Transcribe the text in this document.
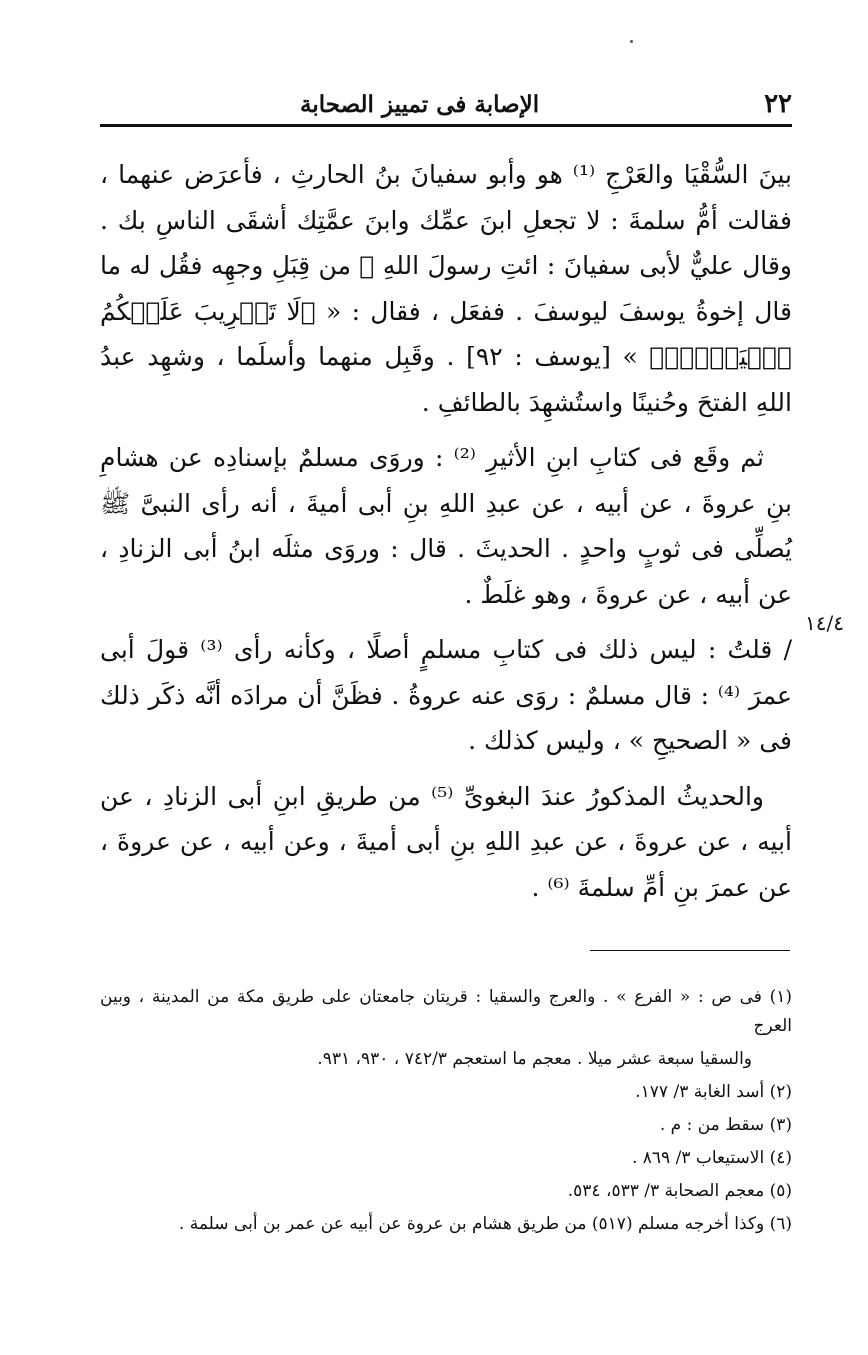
٢٢
الإصابة فى تمييز الصحابة
١٤/٤

بينَ السُّقْيَا والعَرْجِ ⁽¹⁾ هو وأبو سفيانَ بنُ الحارثِ ، فأعرَض عنهما ، فقالت أمُّ سلمةَ : لا تجعلِ ابنَ عمِّك وابنَ عمَّتِك أشقَى الناسِ بك . وقال عليٌّ لأبى سفيانَ : ائتِ رسولَ اللهِ ﷺ من قِبَلِ وجهِه فقُل له ما قال إخوةُ يوسفَ ليوسفَ . ففعَل ، فقال : « ﴿لَا تَثۡرِيبَ عَلَيۡكُمُ ٱلۡيَوۡمَۖ﴾ » [يوسف : ٩٢] . وقَبِل منهما وأسلَما ، وشهِد عبدُ اللهِ الفتحَ وحُنينًا واستُشهِدَ بالطائفِ .

ثم وقَع فى كتابِ ابنِ الأثيرِ ⁽²⁾ : وروَى مسلمٌ بإسنادِه عن هشامِ بنِ عروةَ ، عن أبيه ، عن عبدِ اللهِ بنِ أبى أميةَ ، أنه رأى النبىَّ ﷺ يُصلِّى فى ثوبٍ واحدٍ . الحديثَ . قال : وروَى مثلَه ابنُ أبى الزنادِ ، عن أبيه ، عن عروةَ ، وهو غلَطٌ .

/ قلتُ : ليس ذلك فى كتابِ مسلمٍ أصلًا ، وكأنه رأى ⁽³⁾ قولَ أبى عمرَ ⁽⁴⁾ : قال مسلمٌ : روَى عنه عروةُ . فظَنَّ أن مرادَه أنَّه ذكَر ذلك فى « الصحيحِ » ، وليس كذلك .

والحديثُ المذكورُ عندَ البغوىِّ ⁽⁵⁾ من طريقِ ابنِ أبى الزنادِ ، عن أبيه ، عن عروةَ ، عن عبدِ اللهِ بنِ أبى أميةَ ، وعن أبيه ، عن عروةَ ، عن عمرَ بنِ أمِّ سلمةَ ⁽⁶⁾ .

(١) فى ص : « الفرع » . والعرج والسقيا : قريتان جامعتان على طريق مكة من المدينة ، وبين العرج

والسقيا سبعة عشر ميلا . معجم ما استعجم ٧٤٢/٣ ، ٩٣٠، ٩٣١.

(٢) أسد الغابة ٣/ ١٧٧.

(٣) سقط من : م .

(٤) الاستيعاب ٣/ ٨٦٩ .

(٥) معجم الصحابة ٣/ ٥٣٣، ٥٣٤.

(٦) وكذا أخرجه مسلم (٥١٧) من طريق هشام بن عروة عن أبيه عن عمر بن أبى سلمة .
